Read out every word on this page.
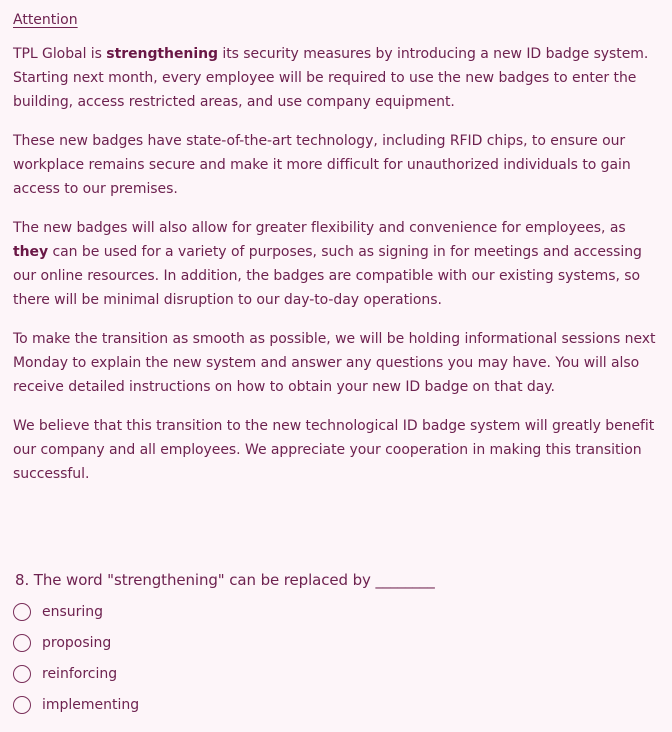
Attention

TPL Global is strengthening its security measures by introducing a new ID badge system. Starting next month, every employee will be required to use the new badges to enter the building, access restricted areas, and use company equipment.

These new badges have state-of-the-art technology, including RFID chips, to ensure our workplace remains secure and make it more difficult for unauthorized individuals to gain access to our premises.

The new badges will also allow for greater flexibility and convenience for employees, as they can be used for a variety of purposes, such as signing in for meetings and accessing our online resources. In addition, the badges are compatible with our existing systems, so there will be minimal disruption to our day-to-day operations.

To make the transition as smooth as possible, we will be holding informational sessions next Monday to explain the new system and answer any questions you may have. You will also receive detailed instructions on how to obtain your new ID badge on that day.

We believe that this transition to the new technological ID badge system will greatly benefit our company and all employees. We appreciate your cooperation in making this transition successful.

8. The word "strengthening" can be replaced by ________
ensuring
proposing
reinforcing
implementing
